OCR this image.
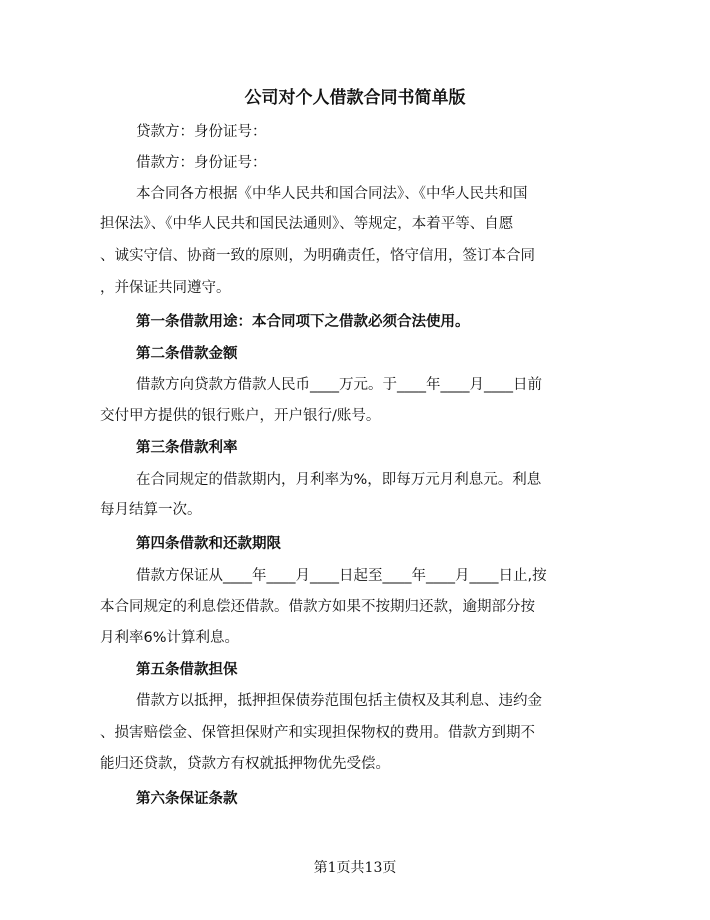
公司对个人借款合同书简单版
贷款方：身份证号：
借款方：身份证号：
本合同各方根据《中华人民共和国合同法》、《中华人民共和国
担保法》、《中华人民共和国民法通则》、等规定，本着平等、自愿
、诚实守信、协商一致的原则，为明确责任，恪守信用，签订本合同
，并保证共同遵守。
第一条借款用途：本合同项下之借款必须合法使用。
第二条借款金额
借款方向贷款方借款人民币____万元。于____年____月____日前
交付甲方提供的银行账户，开户银行/账号。
第三条借款利率
在合同规定的借款期内，月利率为%，即每万元月利息元。利息
每月结算一次。
第四条借款和还款期限
借款方保证从____年____月____日起至____年____月____日止,按
本合同规定的利息偿还借款。借款方如果不按期归还款，逾期部分按
月利率6%计算利息。
第五条借款担保
借款方以抵押，抵押担保债券范围包括主债权及其利息、违约金
、损害赔偿金、保管担保财产和实现担保物权的费用。借款方到期不
能归还贷款，贷款方有权就抵押物优先受偿。
第六条保证条款
第1页共13页
